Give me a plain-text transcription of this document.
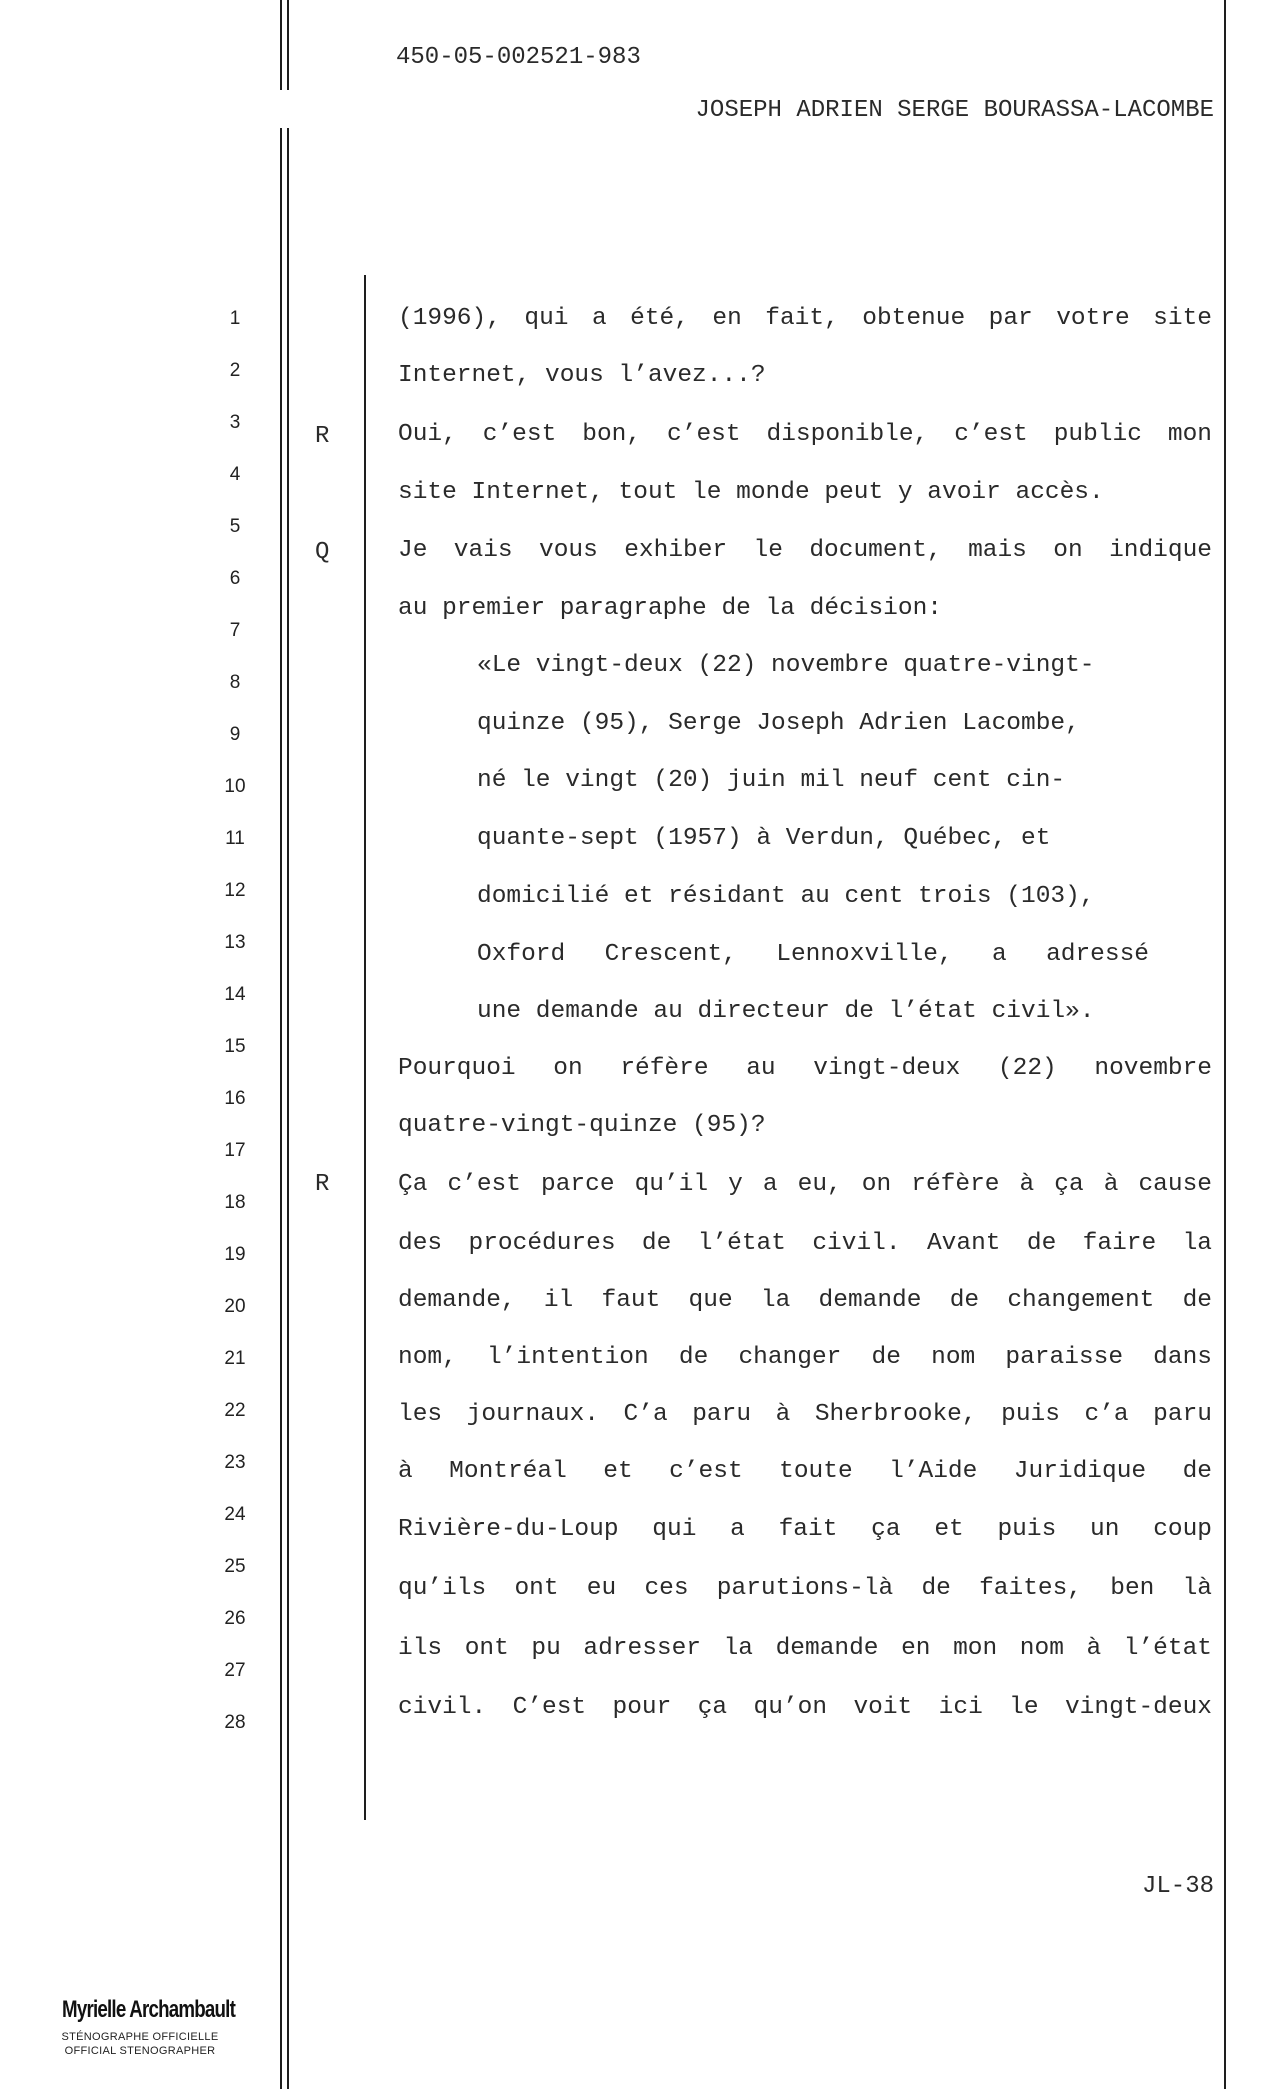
450-05-002521-983
JOSEPH ADRIEN SERGE BOURASSA-LACOMBE
1
2
3
4
5
6
7
8
9
10
11
12
13
14
15
16
17
18
19
20
21
22
23
24
25
26
27
28
R
Q
R
(1996), qui a été, en fait, obtenue par votre site
Internet, vous l’avez...?
Oui, c’est bon, c’est disponible, c’est public mon
site Internet, tout le monde peut y avoir accès.
Je vais vous exhiber le document, mais on indique
au premier paragraphe de la décision:
«Le vingt-deux (22) novembre quatre-vingt-
quinze (95), Serge Joseph Adrien Lacombe,
né le vingt (20) juin mil neuf cent cin-
quante-sept (1957) à Verdun, Québec, et
domicilié et résidant au cent trois (103),
Oxford Crescent, Lennoxville, a adressé
une demande au directeur de l’état civil».
Pourquoi on réfère au vingt-deux (22) novembre
quatre-vingt-quinze (95)?
Ça c’est parce qu’il y a eu, on réfère à ça à cause
des procédures de l’état civil. Avant de faire la
demande, il faut que la demande de changement de
nom, l’intention de changer de nom paraisse dans
les journaux. C’a paru à Sherbrooke, puis c’a paru
à Montréal et c’est toute l’Aide Juridique de
Rivière-du-Loup qui a fait ça et puis un coup
qu’ils ont eu ces parutions-là de faites, ben là
ils ont pu adresser la demande en mon nom à l’état
civil. C’est pour ça qu’on voit ici le vingt-deux
JL-38
Myrielle Archambault
STÉNOGRAPHE OFFICIELLE
OFFICIAL STENOGRAPHER
